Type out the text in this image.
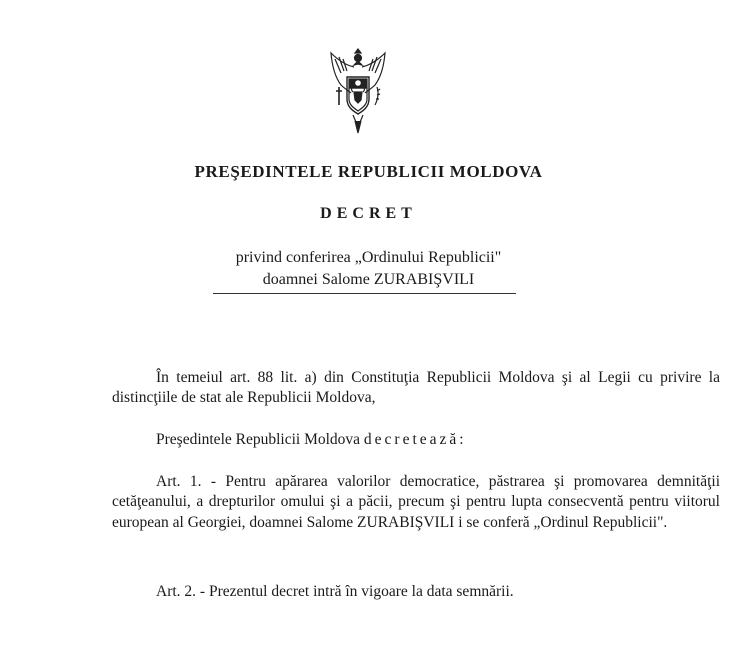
PREŞEDINTELE REPUBLICII MOLDOVA
DECRET
privind conferirea „Ordinului Republicii"
doamnei Salome ZURABIŞVILI

În temeiul art. 88 lit. a) din Constituţia Republicii Moldova şi al Legii cu privire la distincţiile de stat ale Republicii Moldova,

Preşedintele Republicii Moldova decretează:

Art. 1. - Pentru apărarea valorilor democratice, păstrarea şi promovarea demnităţii cetăţeanului, a drepturilor omului şi a păcii, precum şi pentru lupta consecventă pentru viitorul european al Georgiei, doamnei Salome ZURABIŞVILI i se conferă „Ordinul Republicii".

Art. 2. - Prezentul decret intră în vigoare la data semnării.
